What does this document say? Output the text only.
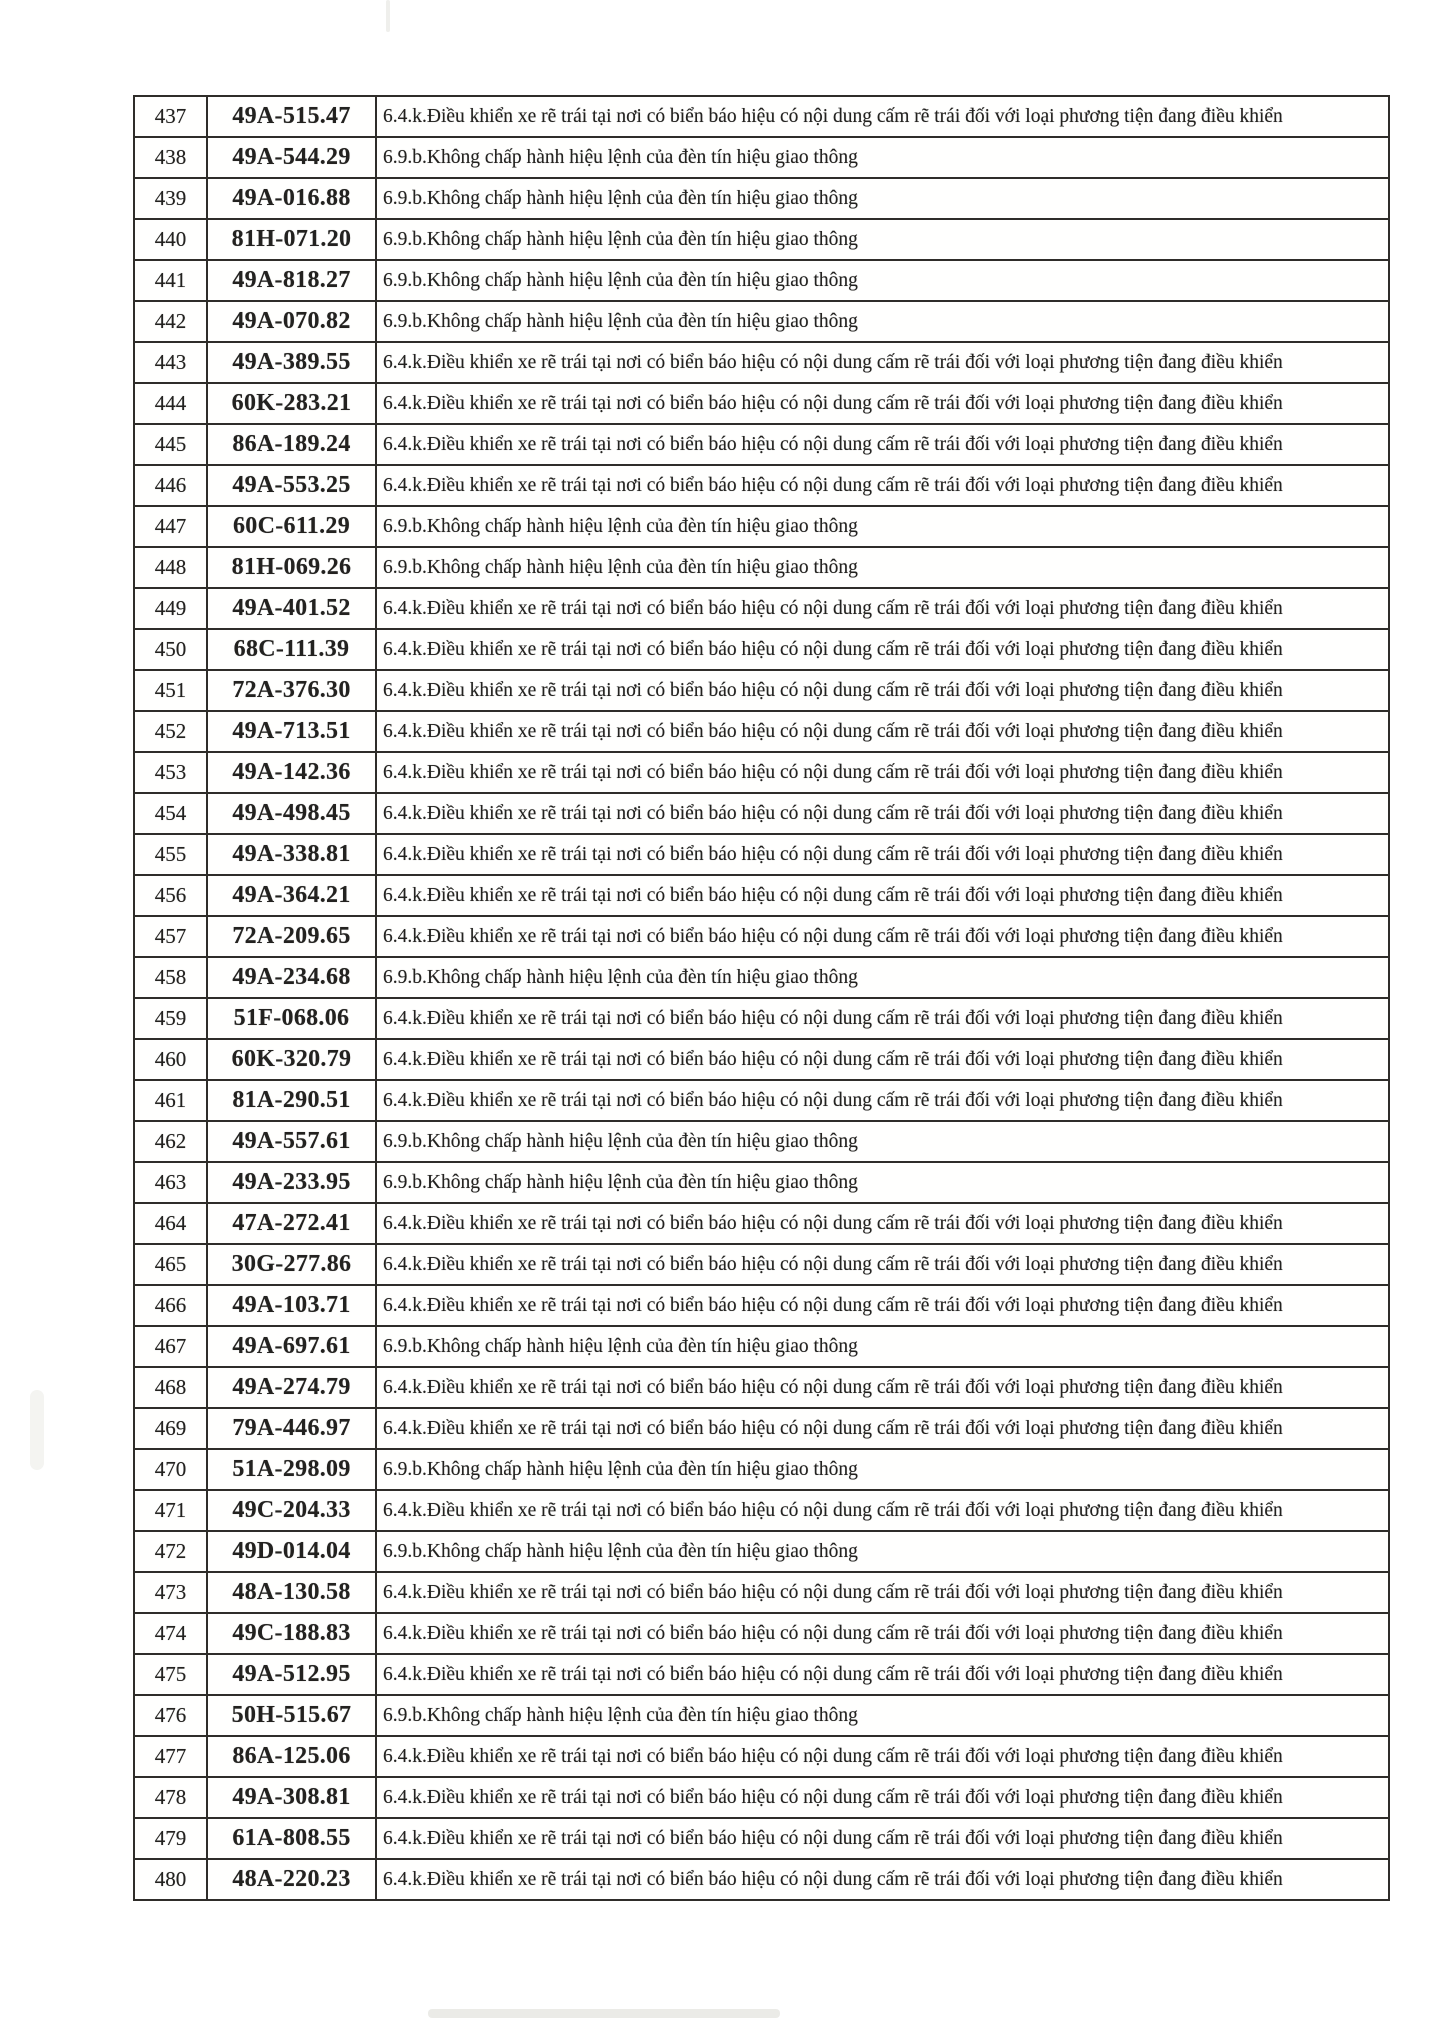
437	49A-515.47	6.4.k.Điều khiển xe rẽ trái tại nơi có biển báo hiệu có nội dung cấm rẽ trái đối với loại phương tiện đang điều khiển
438	49A-544.29	6.9.b.Không chấp hành hiệu lệnh của đèn tín hiệu giao thông
439	49A-016.88	6.9.b.Không chấp hành hiệu lệnh của đèn tín hiệu giao thông
440	81H-071.20	6.9.b.Không chấp hành hiệu lệnh của đèn tín hiệu giao thông
441	49A-818.27	6.9.b.Không chấp hành hiệu lệnh của đèn tín hiệu giao thông
442	49A-070.82	6.9.b.Không chấp hành hiệu lệnh của đèn tín hiệu giao thông
443	49A-389.55	6.4.k.Điều khiển xe rẽ trái tại nơi có biển báo hiệu có nội dung cấm rẽ trái đối với loại phương tiện đang điều khiển
444	60K-283.21	6.4.k.Điều khiển xe rẽ trái tại nơi có biển báo hiệu có nội dung cấm rẽ trái đối với loại phương tiện đang điều khiển
445	86A-189.24	6.4.k.Điều khiển xe rẽ trái tại nơi có biển báo hiệu có nội dung cấm rẽ trái đối với loại phương tiện đang điều khiển
446	49A-553.25	6.4.k.Điều khiển xe rẽ trái tại nơi có biển báo hiệu có nội dung cấm rẽ trái đối với loại phương tiện đang điều khiển
447	60C-611.29	6.9.b.Không chấp hành hiệu lệnh của đèn tín hiệu giao thông
448	81H-069.26	6.9.b.Không chấp hành hiệu lệnh của đèn tín hiệu giao thông
449	49A-401.52	6.4.k.Điều khiển xe rẽ trái tại nơi có biển báo hiệu có nội dung cấm rẽ trái đối với loại phương tiện đang điều khiển
450	68C-111.39	6.4.k.Điều khiển xe rẽ trái tại nơi có biển báo hiệu có nội dung cấm rẽ trái đối với loại phương tiện đang điều khiển
451	72A-376.30	6.4.k.Điều khiển xe rẽ trái tại nơi có biển báo hiệu có nội dung cấm rẽ trái đối với loại phương tiện đang điều khiển
452	49A-713.51	6.4.k.Điều khiển xe rẽ trái tại nơi có biển báo hiệu có nội dung cấm rẽ trái đối với loại phương tiện đang điều khiển
453	49A-142.36	6.4.k.Điều khiển xe rẽ trái tại nơi có biển báo hiệu có nội dung cấm rẽ trái đối với loại phương tiện đang điều khiển
454	49A-498.45	6.4.k.Điều khiển xe rẽ trái tại nơi có biển báo hiệu có nội dung cấm rẽ trái đối với loại phương tiện đang điều khiển
455	49A-338.81	6.4.k.Điều khiển xe rẽ trái tại nơi có biển báo hiệu có nội dung cấm rẽ trái đối với loại phương tiện đang điều khiển
456	49A-364.21	6.4.k.Điều khiển xe rẽ trái tại nơi có biển báo hiệu có nội dung cấm rẽ trái đối với loại phương tiện đang điều khiển
457	72A-209.65	6.4.k.Điều khiển xe rẽ trái tại nơi có biển báo hiệu có nội dung cấm rẽ trái đối với loại phương tiện đang điều khiển
458	49A-234.68	6.9.b.Không chấp hành hiệu lệnh của đèn tín hiệu giao thông
459	51F-068.06	6.4.k.Điều khiển xe rẽ trái tại nơi có biển báo hiệu có nội dung cấm rẽ trái đối với loại phương tiện đang điều khiển
460	60K-320.79	6.4.k.Điều khiển xe rẽ trái tại nơi có biển báo hiệu có nội dung cấm rẽ trái đối với loại phương tiện đang điều khiển
461	81A-290.51	6.4.k.Điều khiển xe rẽ trái tại nơi có biển báo hiệu có nội dung cấm rẽ trái đối với loại phương tiện đang điều khiển
462	49A-557.61	6.9.b.Không chấp hành hiệu lệnh của đèn tín hiệu giao thông
463	49A-233.95	6.9.b.Không chấp hành hiệu lệnh của đèn tín hiệu giao thông
464	47A-272.41	6.4.k.Điều khiển xe rẽ trái tại nơi có biển báo hiệu có nội dung cấm rẽ trái đối với loại phương tiện đang điều khiển
465	30G-277.86	6.4.k.Điều khiển xe rẽ trái tại nơi có biển báo hiệu có nội dung cấm rẽ trái đối với loại phương tiện đang điều khiển
466	49A-103.71	6.4.k.Điều khiển xe rẽ trái tại nơi có biển báo hiệu có nội dung cấm rẽ trái đối với loại phương tiện đang điều khiển
467	49A-697.61	6.9.b.Không chấp hành hiệu lệnh của đèn tín hiệu giao thông
468	49A-274.79	6.4.k.Điều khiển xe rẽ trái tại nơi có biển báo hiệu có nội dung cấm rẽ trái đối với loại phương tiện đang điều khiển
469	79A-446.97	6.4.k.Điều khiển xe rẽ trái tại nơi có biển báo hiệu có nội dung cấm rẽ trái đối với loại phương tiện đang điều khiển
470	51A-298.09	6.9.b.Không chấp hành hiệu lệnh của đèn tín hiệu giao thông
471	49C-204.33	6.4.k.Điều khiển xe rẽ trái tại nơi có biển báo hiệu có nội dung cấm rẽ trái đối với loại phương tiện đang điều khiển
472	49D-014.04	6.9.b.Không chấp hành hiệu lệnh của đèn tín hiệu giao thông
473	48A-130.58	6.4.k.Điều khiển xe rẽ trái tại nơi có biển báo hiệu có nội dung cấm rẽ trái đối với loại phương tiện đang điều khiển
474	49C-188.83	6.4.k.Điều khiển xe rẽ trái tại nơi có biển báo hiệu có nội dung cấm rẽ trái đối với loại phương tiện đang điều khiển
475	49A-512.95	6.4.k.Điều khiển xe rẽ trái tại nơi có biển báo hiệu có nội dung cấm rẽ trái đối với loại phương tiện đang điều khiển
476	50H-515.67	6.9.b.Không chấp hành hiệu lệnh của đèn tín hiệu giao thông
477	86A-125.06	6.4.k.Điều khiển xe rẽ trái tại nơi có biển báo hiệu có nội dung cấm rẽ trái đối với loại phương tiện đang điều khiển
478	49A-308.81	6.4.k.Điều khiển xe rẽ trái tại nơi có biển báo hiệu có nội dung cấm rẽ trái đối với loại phương tiện đang điều khiển
479	61A-808.55	6.4.k.Điều khiển xe rẽ trái tại nơi có biển báo hiệu có nội dung cấm rẽ trái đối với loại phương tiện đang điều khiển
480	48A-220.23	6.4.k.Điều khiển xe rẽ trái tại nơi có biển báo hiệu có nội dung cấm rẽ trái đối với loại phương tiện đang điều khiển
